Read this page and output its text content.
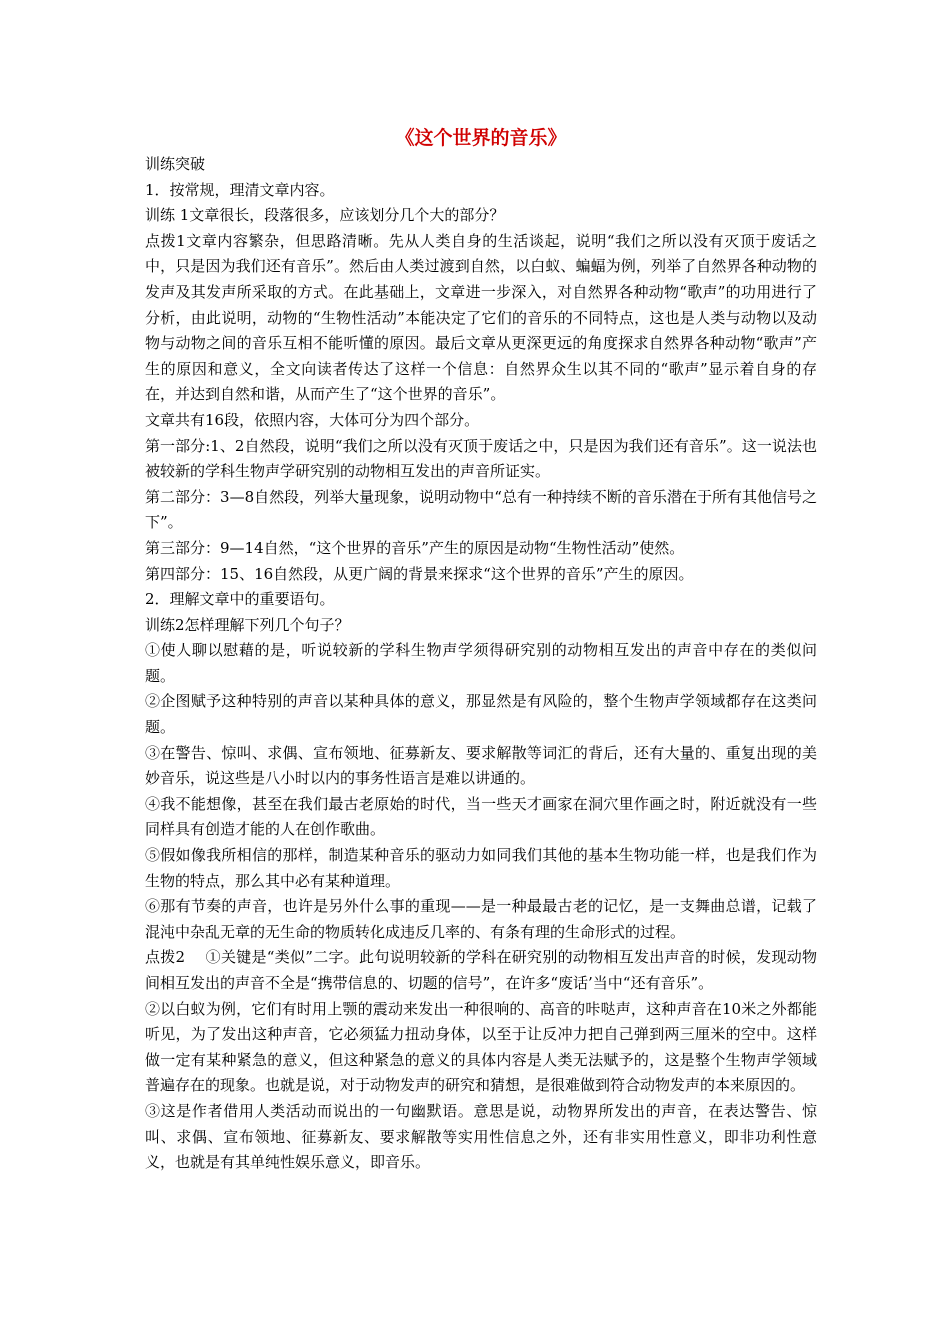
《这个世界的音乐》

训练突破

1．按常规，理清文章内容。

训练 1文章很长，段落很多，应该划分几个大的部分？

点拨1文章内容繁杂，但思路清晰。先从人类自身的生活谈起，说明“我们之所以没有灭顶于废话之中，只是因为我们还有音乐”。然后由人类过渡到自然，以白蚁、蝙蝠为例，列举了自然界各种动物的发声及其发声所采取的方式。在此基础上，文章进一步深入，对自然界各种动物“歌声”的功用进行了分析，由此说明，动物的“生物性活动”本能决定了它们的音乐的不同特点，这也是人类与动物以及动物与动物之间的音乐互相不能听懂的原因。最后文章从更深更远的角度探求自然界各种动物“歌声”产生的原因和意义，全文向读者传达了这样一个信息：自然界众生以其不同的“歌声”显示着自身的存在，并达到自然和谐，从而产生了“这个世界的音乐”。

文章共有16段，依照内容，大体可分为四个部分。

第一部分:1、2自然段，说明“我们之所以没有灭顶于废话之中，只是因为我们还有音乐”。这一说法也被较新的学科生物声学研究别的动物相互发出的声音所证实。

第二部分：3—8自然段，列举大量现象，说明动物中“总有一种持续不断的音乐潜在于所有其他信号之下”。

第三部分：9—14自然，“这个世界的音乐”产生的原因是动物“生物性活动”使然。

第四部分：15、16自然段，从更广阔的背景来探求“这个世界的音乐”产生的原因。

2．理解文章中的重要语句。

训练2怎样理解下列几个句子？

①使人聊以慰藉的是，听说较新的学科生物声学须得研究别的动物相互发出的声音中存在的类似问题。

②企图赋予这种特别的声音以某种具体的意义，那显然是有风险的，整个生物声学领域都存在这类问题。

③在警告、惊叫、求偶、宣布领地、征募新友、要求解散等词汇的背后，还有大量的、重复出现的美妙音乐，说这些是八小时以内的事务性语言是难以讲通的。

④我不能想像，甚至在我们最古老原始的时代，当一些天才画家在洞穴里作画之时，附近就没有一些同样具有创造才能的人在创作歌曲。

⑤假如像我所相信的那样，制造某种音乐的驱动力如同我们其他的基本生物功能一样，也是我们作为生物的特点，那么其中必有某种道理。

⑥那有节奏的声音，也许是另外什么事的重现——是一种最最古老的记忆，是一支舞曲总谱，记载了混沌中杂乱无章的无生命的物质转化成违反几率的、有条有理的生命形式的过程。

点拨2　 ①关键是“类似”二字。此句说明较新的学科在研究别的动物相互发出声音的时候，发现动物间相互发出的声音不全是“携带信息的、切题的信号”，在许多“废话’当中“还有音乐”。

②以白蚁为例，它们有时用上颚的震动来发出一种很响的、高音的咔哒声，这种声音在10米之外都能听见，为了发出这种声音，它必须猛力扭动身体，以至于让反冲力把自己弹到两三厘米的空中。这样做一定有某种紧急的意义，但这种紧急的意义的具体内容是人类无法赋予的，这是整个生物声学领域普遍存在的现象。也就是说，对于动物发声的研究和猜想，是很难做到符合动物发声的本来原因的。

③这是作者借用人类活动而说出的一句幽默语。意思是说，动物界所发出的声音，在表达警告、惊叫、求偶、宣布领地、征募新友、要求解散等实用性信息之外，还有非实用性意义，即非功利性意义，也就是有其单纯性娱乐意义，即音乐。
